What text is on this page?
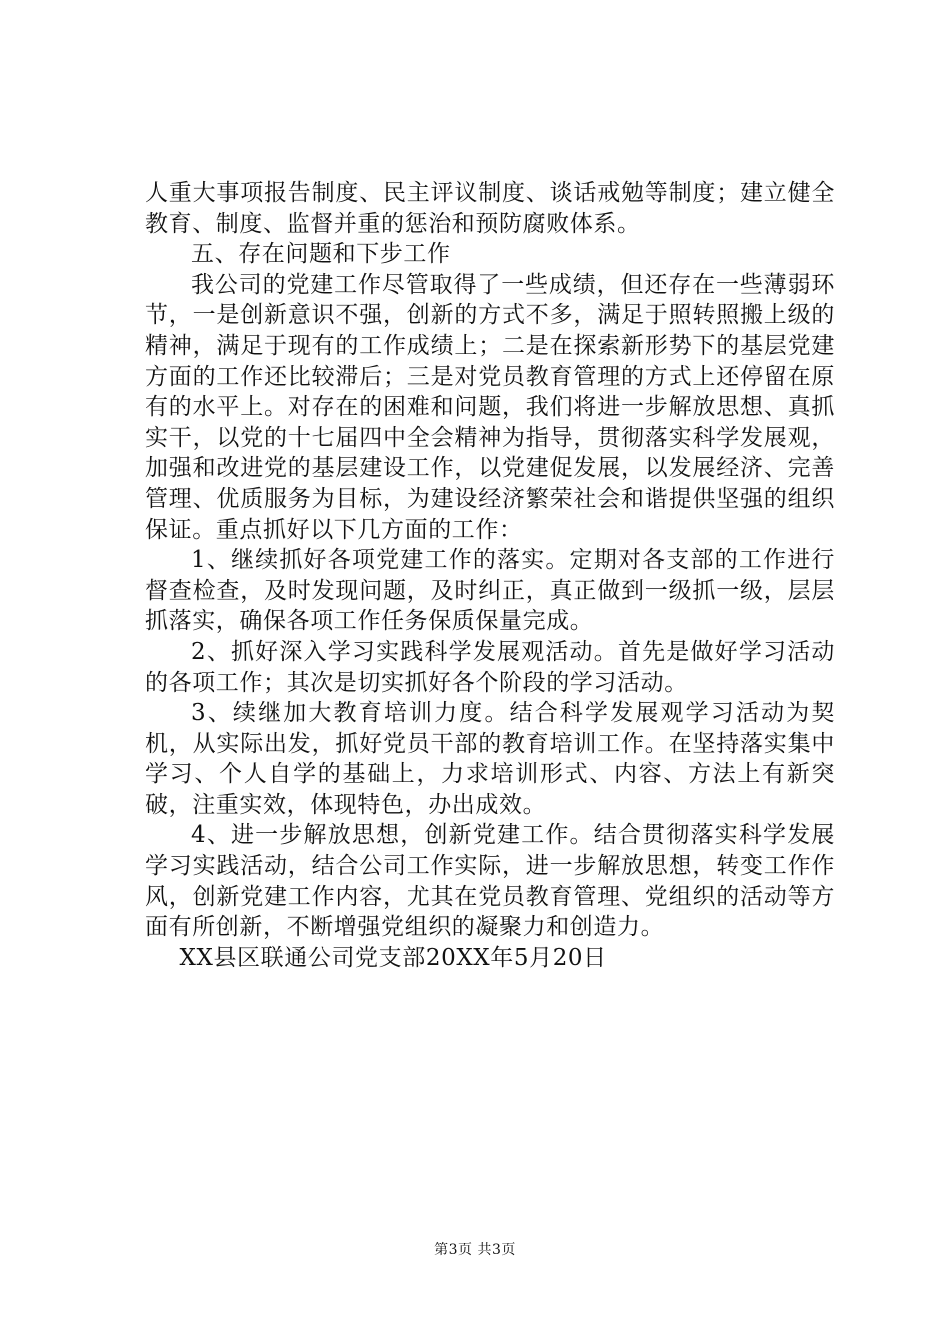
人重大事项报告制度、民主评议制度、谈话戒勉等制度；建立健全教育、制度、监督并重的惩治和预防腐败体系。

五、存在问题和下步工作

我公司的党建工作尽管取得了一些成绩，但还存在一些薄弱环节，一是创新意识不强，创新的方式不多，满足于照转照搬上级的精神，满足于现有的工作成绩上；二是在探索新形势下的基层党建方面的工作还比较滞后；三是对党员教育管理的方式上还停留在原有的水平上。对存在的困难和问题，我们将进一步解放思想、真抓实干，以党的十七届四中全会精神为指导，贯彻落实科学发展观，加强和改进党的基层建设工作，以党建促发展，以发展经济、完善管理、优质服务为目标，为建设经济繁荣社会和谐提供坚强的组织保证。重点抓好以下几方面的工作：

1、继续抓好各项党建工作的落实。定期对各支部的工作进行督查检查，及时发现问题，及时纠正，真正做到一级抓一级，层层抓落实，确保各项工作任务保质保量完成。

2、抓好深入学习实践科学发展观活动。首先是做好学习活动的各项工作；其次是切实抓好各个阶段的学习活动。

3、续继加大教育培训力度。结合科学发展观学习活动为契机，从实际出发，抓好党员干部的教育培训工作。在坚持落实集中学习、个人自学的基础上，力求培训形式、内容、方法上有新突破，注重实效，体现特色，办出成效。

4、进一步解放思想，创新党建工作。结合贯彻落实科学发展学习实践活动，结合公司工作实际，进一步解放思想，转变工作作风，创新党建工作内容，尤其在党员教育管理、党组织的活动等方面有所创新，不断增强党组织的凝聚力和创造力。

XX县区联通公司党支部20XX年5月20日

第3页 共3页
